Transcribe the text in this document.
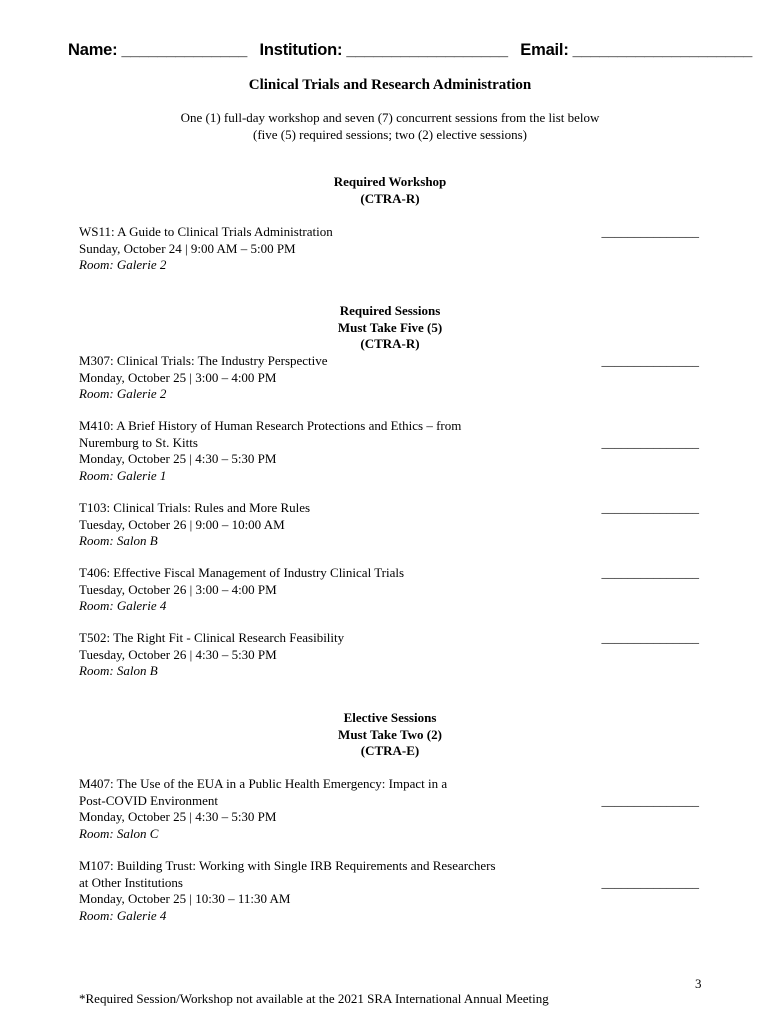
Name: ______________ Institution: __________________ Email: ____________________
Clinical Trials and Research Administration
One (1) full-day workshop and seven (7) concurrent sessions from the list below
(five (5) required sessions; two (2) elective sessions)
Required Workshop
(CTRA-R)
WS11: A Guide to Clinical Trials Administration
Sunday, October 24 | 9:00 AM – 5:00 PM
Room: Galerie 2
_______________
Required Sessions
Must Take Five (5)
(CTRA-R)
M307: Clinical Trials: The Industry Perspective
Monday, October 25 | 3:00 – 4:00 PM
Room: Galerie 2
_______________
M410: A Brief History of Human Research Protections and Ethics – from
Nuremburg to St. Kitts
Monday, October 25 | 4:30 – 5:30 PM
Room: Galerie 1
_______________
T103: Clinical Trials: Rules and More Rules
Tuesday, October 26 | 9:00 – 10:00 AM
Room: Salon B
_______________
T406: Effective Fiscal Management of Industry Clinical Trials
Tuesday, October 26 | 3:00 – 4:00 PM
Room: Galerie 4
_______________
T502: The Right Fit - Clinical Research Feasibility
Tuesday, October 26 | 4:30 – 5:30 PM
Room: Salon B
_______________
Elective Sessions
Must Take Two (2)
(CTRA-E)
M407: The Use of the EUA in a Public Health Emergency: Impact in a
Post-COVID Environment
Monday, October 25 | 4:30 – 5:30 PM
Room: Salon C
_______________
M107: Building Trust: Working with Single IRB Requirements and Researchers
at Other Institutions
Monday, October 25 | 10:30 – 11:30 AM
Room: Galerie 4
_______________
3
*Required Session/Workshop not available at the 2021 SRA International Annual Meeting
